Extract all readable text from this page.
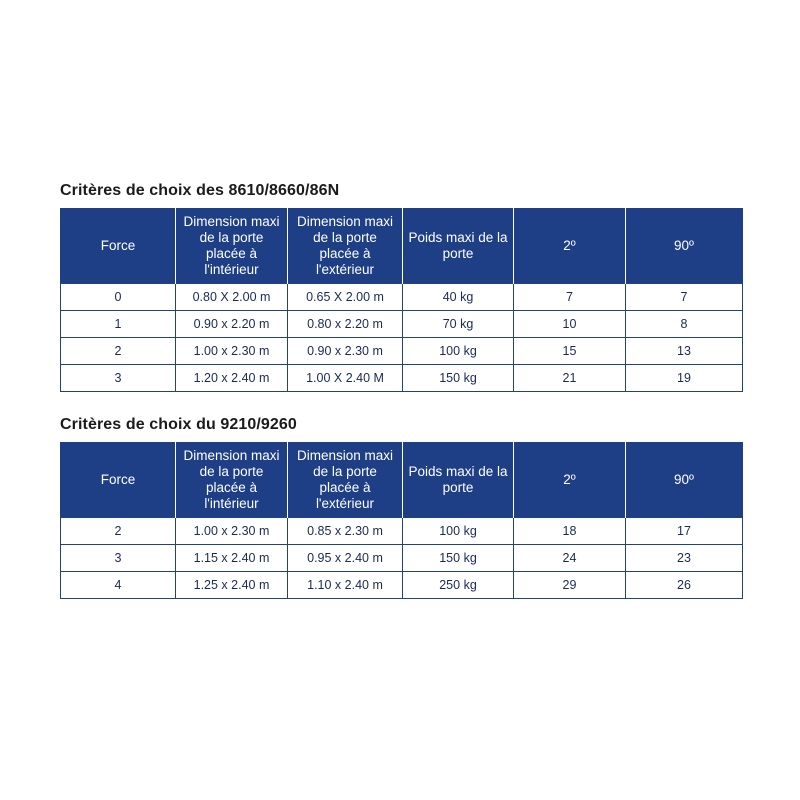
Critères de choix des 8610/8660/86N
Force	Dimension maxi de la porte placée à l'intérieur	Dimension maxi de la porte placée à l'extérieur	Poids maxi de la porte	2º	90º
0	0.80 X 2.00 m	0.65 X 2.00 m	40 kg	7	7
1	0.90 x 2.20 m	0.80 x 2.20 m	70 kg	10	8
2	1.00 x 2.30 m	0.90 x 2.30 m	100 kg	15	13
3	1.20 x 2.40 m	1.00 X 2.40 M	150 kg	21	19
Critères de choix du 9210/9260
Force	Dimension maxi de la porte placée à l'intérieur	Dimension maxi de la porte placée à l'extérieur	Poids maxi de la porte	2º	90º
2	1.00 x 2.30 m	0.85 x 2.30 m	100 kg	18	17
3	1.15 x 2.40 m	0.95 x 2.40 m	150 kg	24	23
4	1.25 x 2.40 m	1.10 x 2.40 m	250 kg	29	26
